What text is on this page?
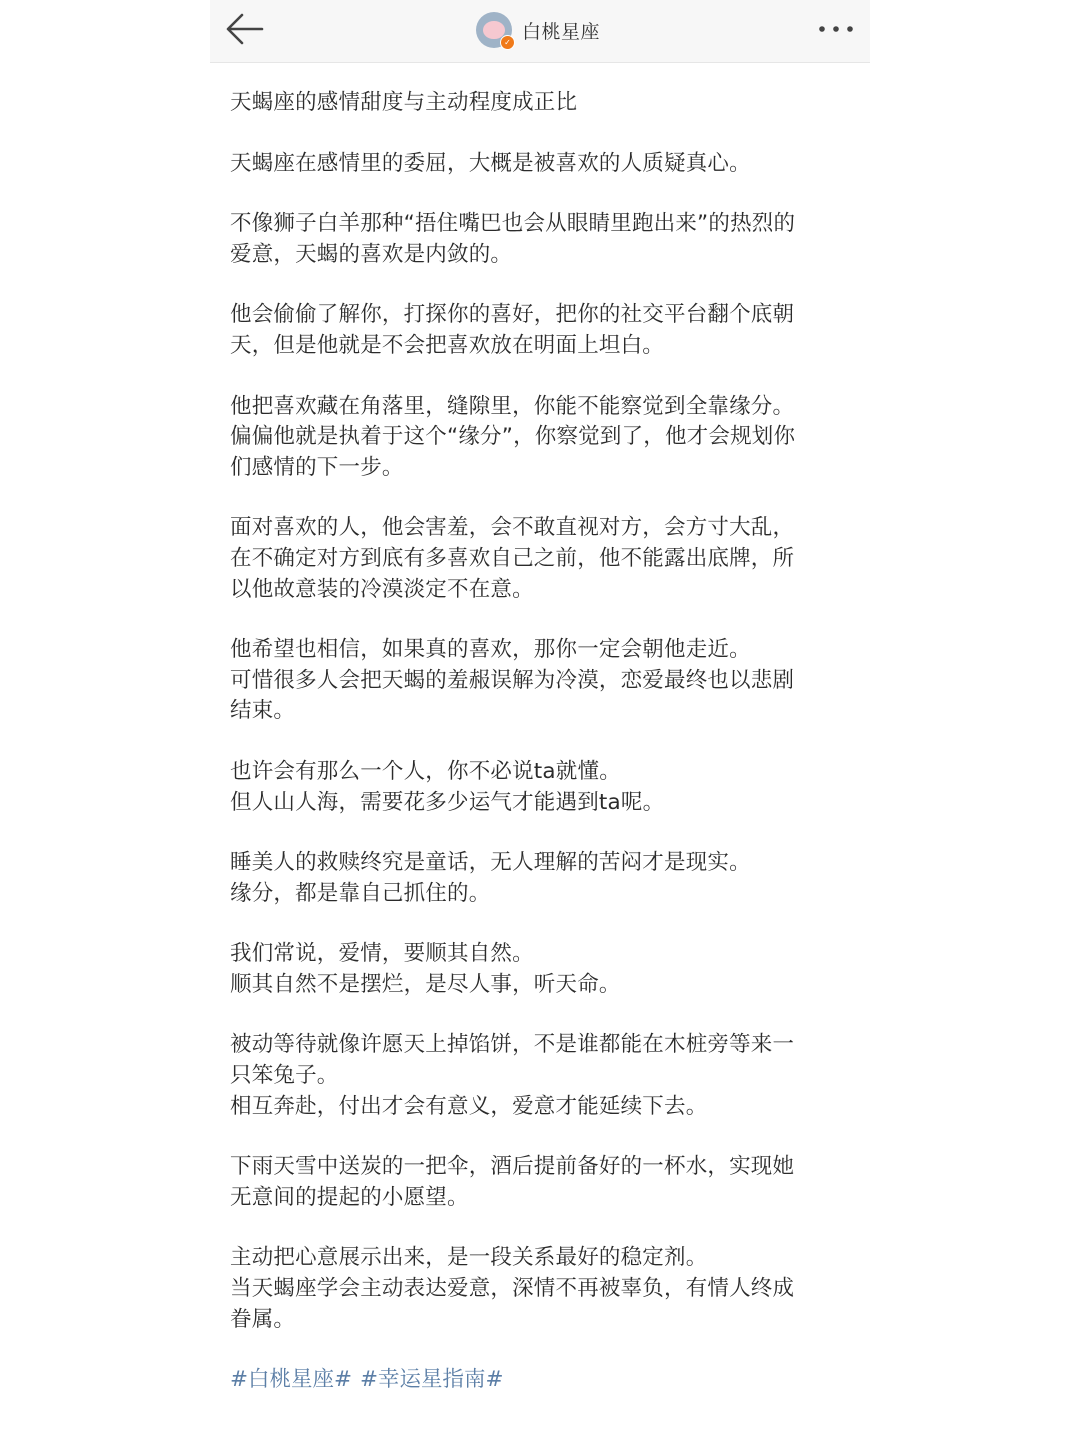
✓ 白桃星座

天蝎座的感情甜度与主动程度成正比

天蝎座在感情里的委屈，大概是被喜欢的人质疑真心。

不像狮子白羊那种“捂住嘴巴也会从眼睛里跑出来”的热烈的
爱意，天蝎的喜欢是内敛的。

他会偷偷了解你，打探你的喜好，把你的社交平台翻个底朝
天，但是他就是不会把喜欢放在明面上坦白。

他把喜欢藏在角落里，缝隙里，你能不能察觉到全靠缘分。
偏偏他就是执着于这个“缘分”，你察觉到了，他才会规划你
们感情的下一步。

面对喜欢的人，他会害羞，会不敢直视对方，会方寸大乱，
在不确定对方到底有多喜欢自己之前，他不能露出底牌，所
以他故意装的冷漠淡定不在意。

他希望也相信，如果真的喜欢，那你一定会朝他走近。
可惜很多人会把天蝎的羞赧误解为冷漠，恋爱最终也以悲剧
结束。

也许会有那么一个人，你不必说ta就懂。
但人山人海，需要花多少运气才能遇到ta呢。

睡美人的救赎终究是童话，无人理解的苦闷才是现实。
缘分，都是靠自己抓住的。

我们常说，爱情，要顺其自然。
顺其自然不是摆烂，是尽人事，听天命。

被动等待就像许愿天上掉馅饼，不是谁都能在木桩旁等来一
只笨兔子。
相互奔赴，付出才会有意义，爱意才能延续下去。

下雨天雪中送炭的一把伞，酒后提前备好的一杯水，实现她
无意间的提起的小愿望。

主动把心意展示出来，是一段关系最好的稳定剂。
当天蝎座学会主动表达爱意，深情不再被辜负，有情人终成
眷属。

#白桃星座# #幸运星指南#
